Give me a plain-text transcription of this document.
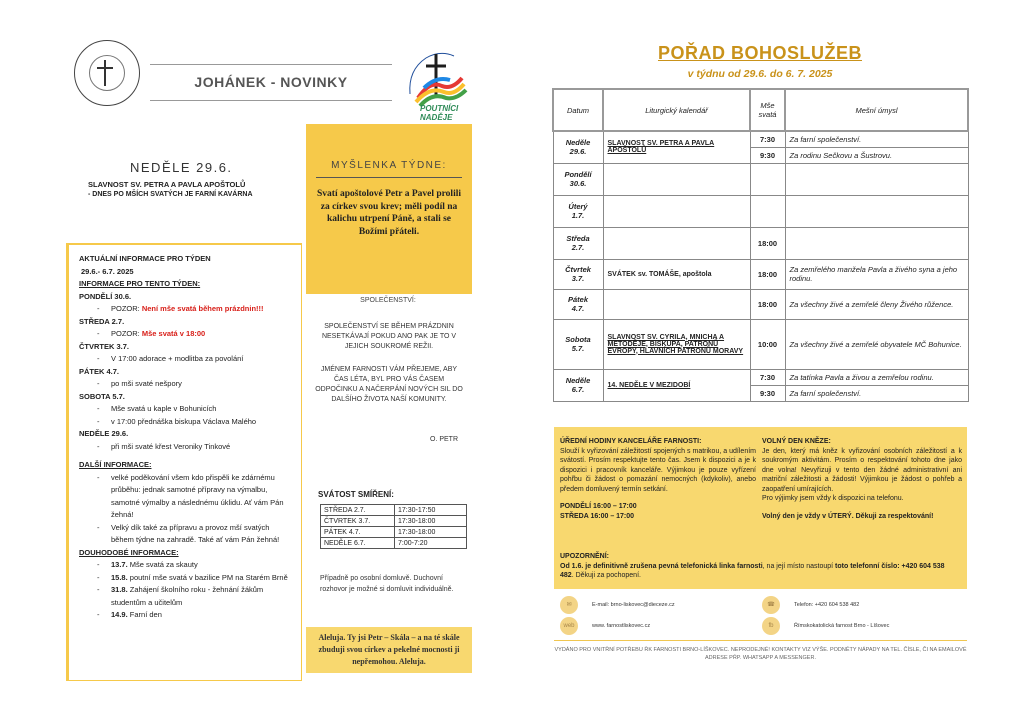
JOHÁNEK - NOVINKY
POUTNÍCI NADĚJE
NEDĚLE 29.6.
SLAVNOST SV. PETRA A PAVLA APOŠTOLŮ
- DNES PO MŠÍCH SVATÝCH JE FARNÍ KAVÁRNA
AKTUÁLNÍ INFORMACE PRO TÝDEN
29.6.- 6.7. 2025
INFORMACE PRO TENTO TÝDEN:
PONDĚLÍ 30.6.
- POZOR: Není mše svatá během prázdnin!!!
STŘEDA 2.7.
- POZOR: Mše svatá v 18:00
ČTVRTEK 3.7.
- V 17:00 adorace + modlitba za povolání
PÁTEK 4.7.
- po mši svaté nešpory
SOBOTA 5.7.
- Mše svatá u kaple v Bohunicích
- v 17:00 přednáška biskupa Václava Malého
NEDĚLE 29.6.
- při mši svaté křest Veroniky Tinkové
DALŠÍ INFORMACE:
-	velké poděkování všem kdo přispěli ke zdárnému průběhu: jednak samotné přípravy na výmalbu, samotné výmalby a následnému úklidu. Ať vám Pán žehná!
-	Velký dík také za přípravu a provoz mší svatých během týdne na zahradě. Také ať vám Pán žehná!
DOUHODOBÉ INFORMACE:
- 13.7. Mše svatá za skauty
- 15.8. poutní mše svatá v bazilice PM na Starém Brně
-	31.8. Zahájení školního roku - žehnání žákům studentům a učitelům
- 14.9. Farní den
MYŠLENKA TÝDNE:
Svatí apoštolové Petr a Pavel prolili za církev svou krev; měli podíl na kalichu utrpení Páně, a stali se Božími přáteli.
SPOLEČENSTVÍ:
SPOLEČENSTVÍ SE BĚHEM PRÁZDNIN NESETKÁVAJÍ POKUD ANO PAK JE TO V JEJICH SOUKROMÉ REŽII.
JMÉNEM FARNOSTI VÁM PŘEJEME, ABY ČAS LÉTA, BYL PRO VÁS ČASEM ODPOČINKU A NAČERPÁNÍ NOVÝCH SIL DO DALŠÍHO ŽIVOTA NAŠÍ KOMUNITY.
O. PETR
SVÁTOST SMÍŘENÍ:
STŘEDA 2.7.	17:30-17:50
ČTVRTEK 3.7.	17:30-18:00
PÁTEK 4.7.	17:30-18:00
NEDĚLE 6.7.	7:00-7:20
Případně po osobní domluvě. Duchovní rozhovor je možné si domluvit individuálně.
Aleluja. Ty jsi Petr – Skála – a na té skále zbuduji svou církev a pekelné mocnosti ji nepřemohou. Aleluja.
POŘAD BOHOSLUŽEB
v týdnu od 29.6. do 6. 7. 2025
Datum	Liturgický kalendář	Mše svatá	Mešní úmysl

Neděle
29.6.	SLAVNOST SV. PETRA A PAVLA APOŠTOLŮ	7:30	Za farní společenství.
		9:30	Za rodinu Sečkovu a Šustrovu.

Pondělí
30.6.			

Úterý
1.7.			

Středa
2.7.		18:00	

Čtvrtek
3.7.	SVÁTEK sv. TOMÁŠE, apoštola	18:00	Za zemřelého manžela Pavla a živého syna a jeho rodinu.

Pátek
4.7.		18:00	Za všechny živé a zemřelé členy Živého růžence.

Sobota
5.7.	SLAVNOST SV. CYRILA, MNICHA A METODĚJE, BISKUPA, PATRONŮ EVROPY, HLAVNÍCH PATRONŮ MORAVY	10:00	Za všechny živé a zemřelé obyvatele MČ Bohunice.

Neděle
6.7.	14. NEDĚLE V MEZIDOBÍ	7:30	Za tatínka Pavla a živou a zemřelou rodinu.
		9:30	Za farní společenství.
ÚŘEDNÍ HODINY KANCELÁŘE FARNOSTI:
Slouží k vyřizování záležitostí spojených s matrikou, a udílením svátostí. Prosím respektujte tento čas. Jsem k dispozici a je k dispozici i pracovník kanceláře. Výjimkou je pouze vyřízení pohřbu či žádost o pomazání nemocných (kdykoliv), anebo předem domluvený termín setkání.
PONDĚLÍ 16:00 – 17:00
STŘEDA 16:00 – 17:00
VOLNÝ DEN KNĚZE:
Je den, který má kněz k vyřizování osobních záležitostí a k soukromým aktivitám. Prosím o respektování tohoto dne jako dne volna! Nevyřizuji v tento den žádné administrativní ani matriční záležitosti a žádosti! Výjimkou je žádost o pohřeb a zaopatření umírajících.
Pro výjimky jsem vždy k dispozici na telefonu.
Volný den je vždy v ÚTERÝ. Děkuji za respektování!
UPOZORNĚNÍ:
Od 1.6. je definitivně zrušena pevná telefonická linka farnosti, na její místo nastoupí toto telefonní číslo: +420 604 538 482. Děkuji za pochopení.
✉	E-mail: brno-liskovec@dieceze.cz	☎	Telefon: +420 604 538 482
web	www. farnostliskovec.cz	fb	Římskokatolická farnost Brno - Líšovec
VYDÁNO PRO VNITŘNÍ POTŘEBU ŘK FARNOSTI BRNO-LÍŠKOVEC. NEPRODEJNÉ! KONTAKTY VIZ VÝŠE. PODNĚTY NÁPADY NA TEL. ČÍSLE, ČI NA EMAILOVÉ ADRESE PŘP. WHATSAPP A MESSENGER.
